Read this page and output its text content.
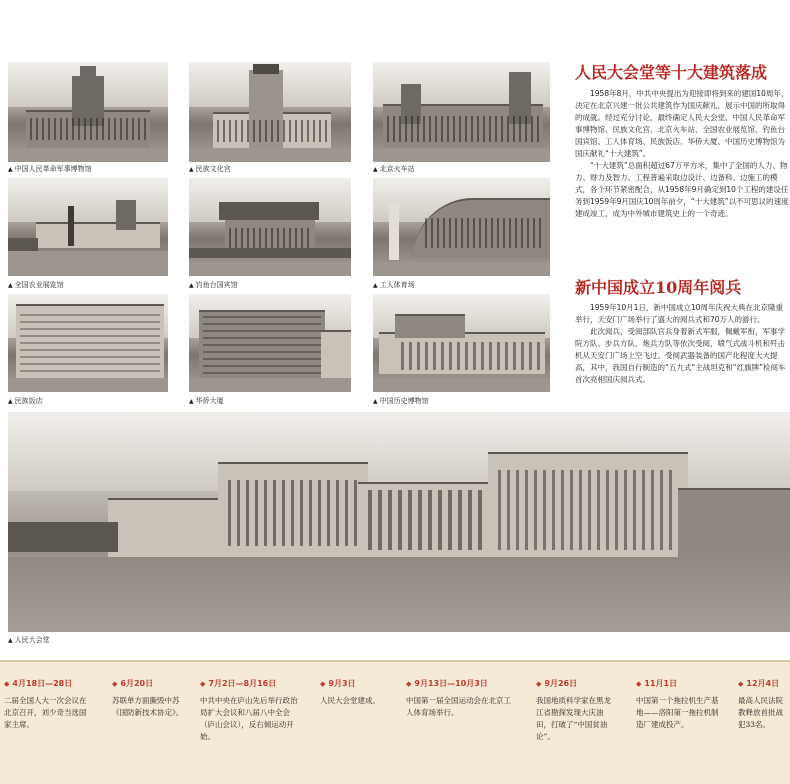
▲ 中国人民革命军事博物馆	▲ 民族文化宫	▲ 北京火车站
▲ 全国农业展览馆	▲ 钓鱼台国宾馆	▲ 工人体育场
▲ 民族饭店	▲ 华侨大厦	▲ 中国历史博物馆
人民大会堂等十大建筑落成

1958年8月，中共中央提出为迎接即将到来的建国10周年，决定在北京兴建一批公共建筑作为国庆献礼，展示中国的所取得的成就。经过充分讨论，最终确定人民大会堂、中国人民革命军事博物馆、民族文化宫、北京火车站、全国农业展览馆、钓鱼台国宾馆、工人体育场、民族饭店、华侨大厦、中国历史博物馆为国庆献礼“十大建筑”。

“十大建筑”总面积超过67万平方米，集中了全国的人力、物力、财力及智力。工程普遍采取边设计、边备料、边施工的模式，各个环节紧密配合，从1958年9月确定到10个工程的建设任务到1959年9月国庆10周年前夕，“十大建筑”以不可思议的速度建成竣工，成为中外城市建筑史上的一个奇迹。

新中国成立10周年阅兵

1959年10月1日，新中国成立10周年庆祝大典在北京隆重举行，天安门广场举行了盛大的阅兵式和70万人的游行。

此次阅兵，受阅部队官兵身着新式军服，佩戴军衔，军事学院方队、步兵方队、炮兵方队等依次受阅，喷气式战斗机和歼击机从天安门广场上空飞过。受阅武器装备的国产化程度大大提高，其中，我国自行制造的“五九式”主战坦克和“红旗牌”检阅车首次亮相国庆阅兵式。

▲ 人民大会堂
◆ 4月18日—28日
二届全国人大一次会议在北京召开，刘少奇当选国家主席。
◆ 6月20日
苏联单方面撕毁中苏《国防新技术协定》。
◆ 7月2日—8月16日
中共中央在庐山先后举行政治局扩大会议和八届八中全会（庐山会议），反右倾运动开始。
◆ 9月3日
人民大会堂建成。
◆ 9月13日—10月3日
中国第一届全国运动会在北京工人体育场举行。
◆ 9月26日
我国地质科学家在黑龙江省勘探发现大庆油田，打破了“中国贫油论”。
◆ 11月1日
中国第一个拖拉机生产基地——洛阳第一拖拉机制造厂建成投产。
◆ 12月4日
最高人民法院教释放首批战犯33名。
